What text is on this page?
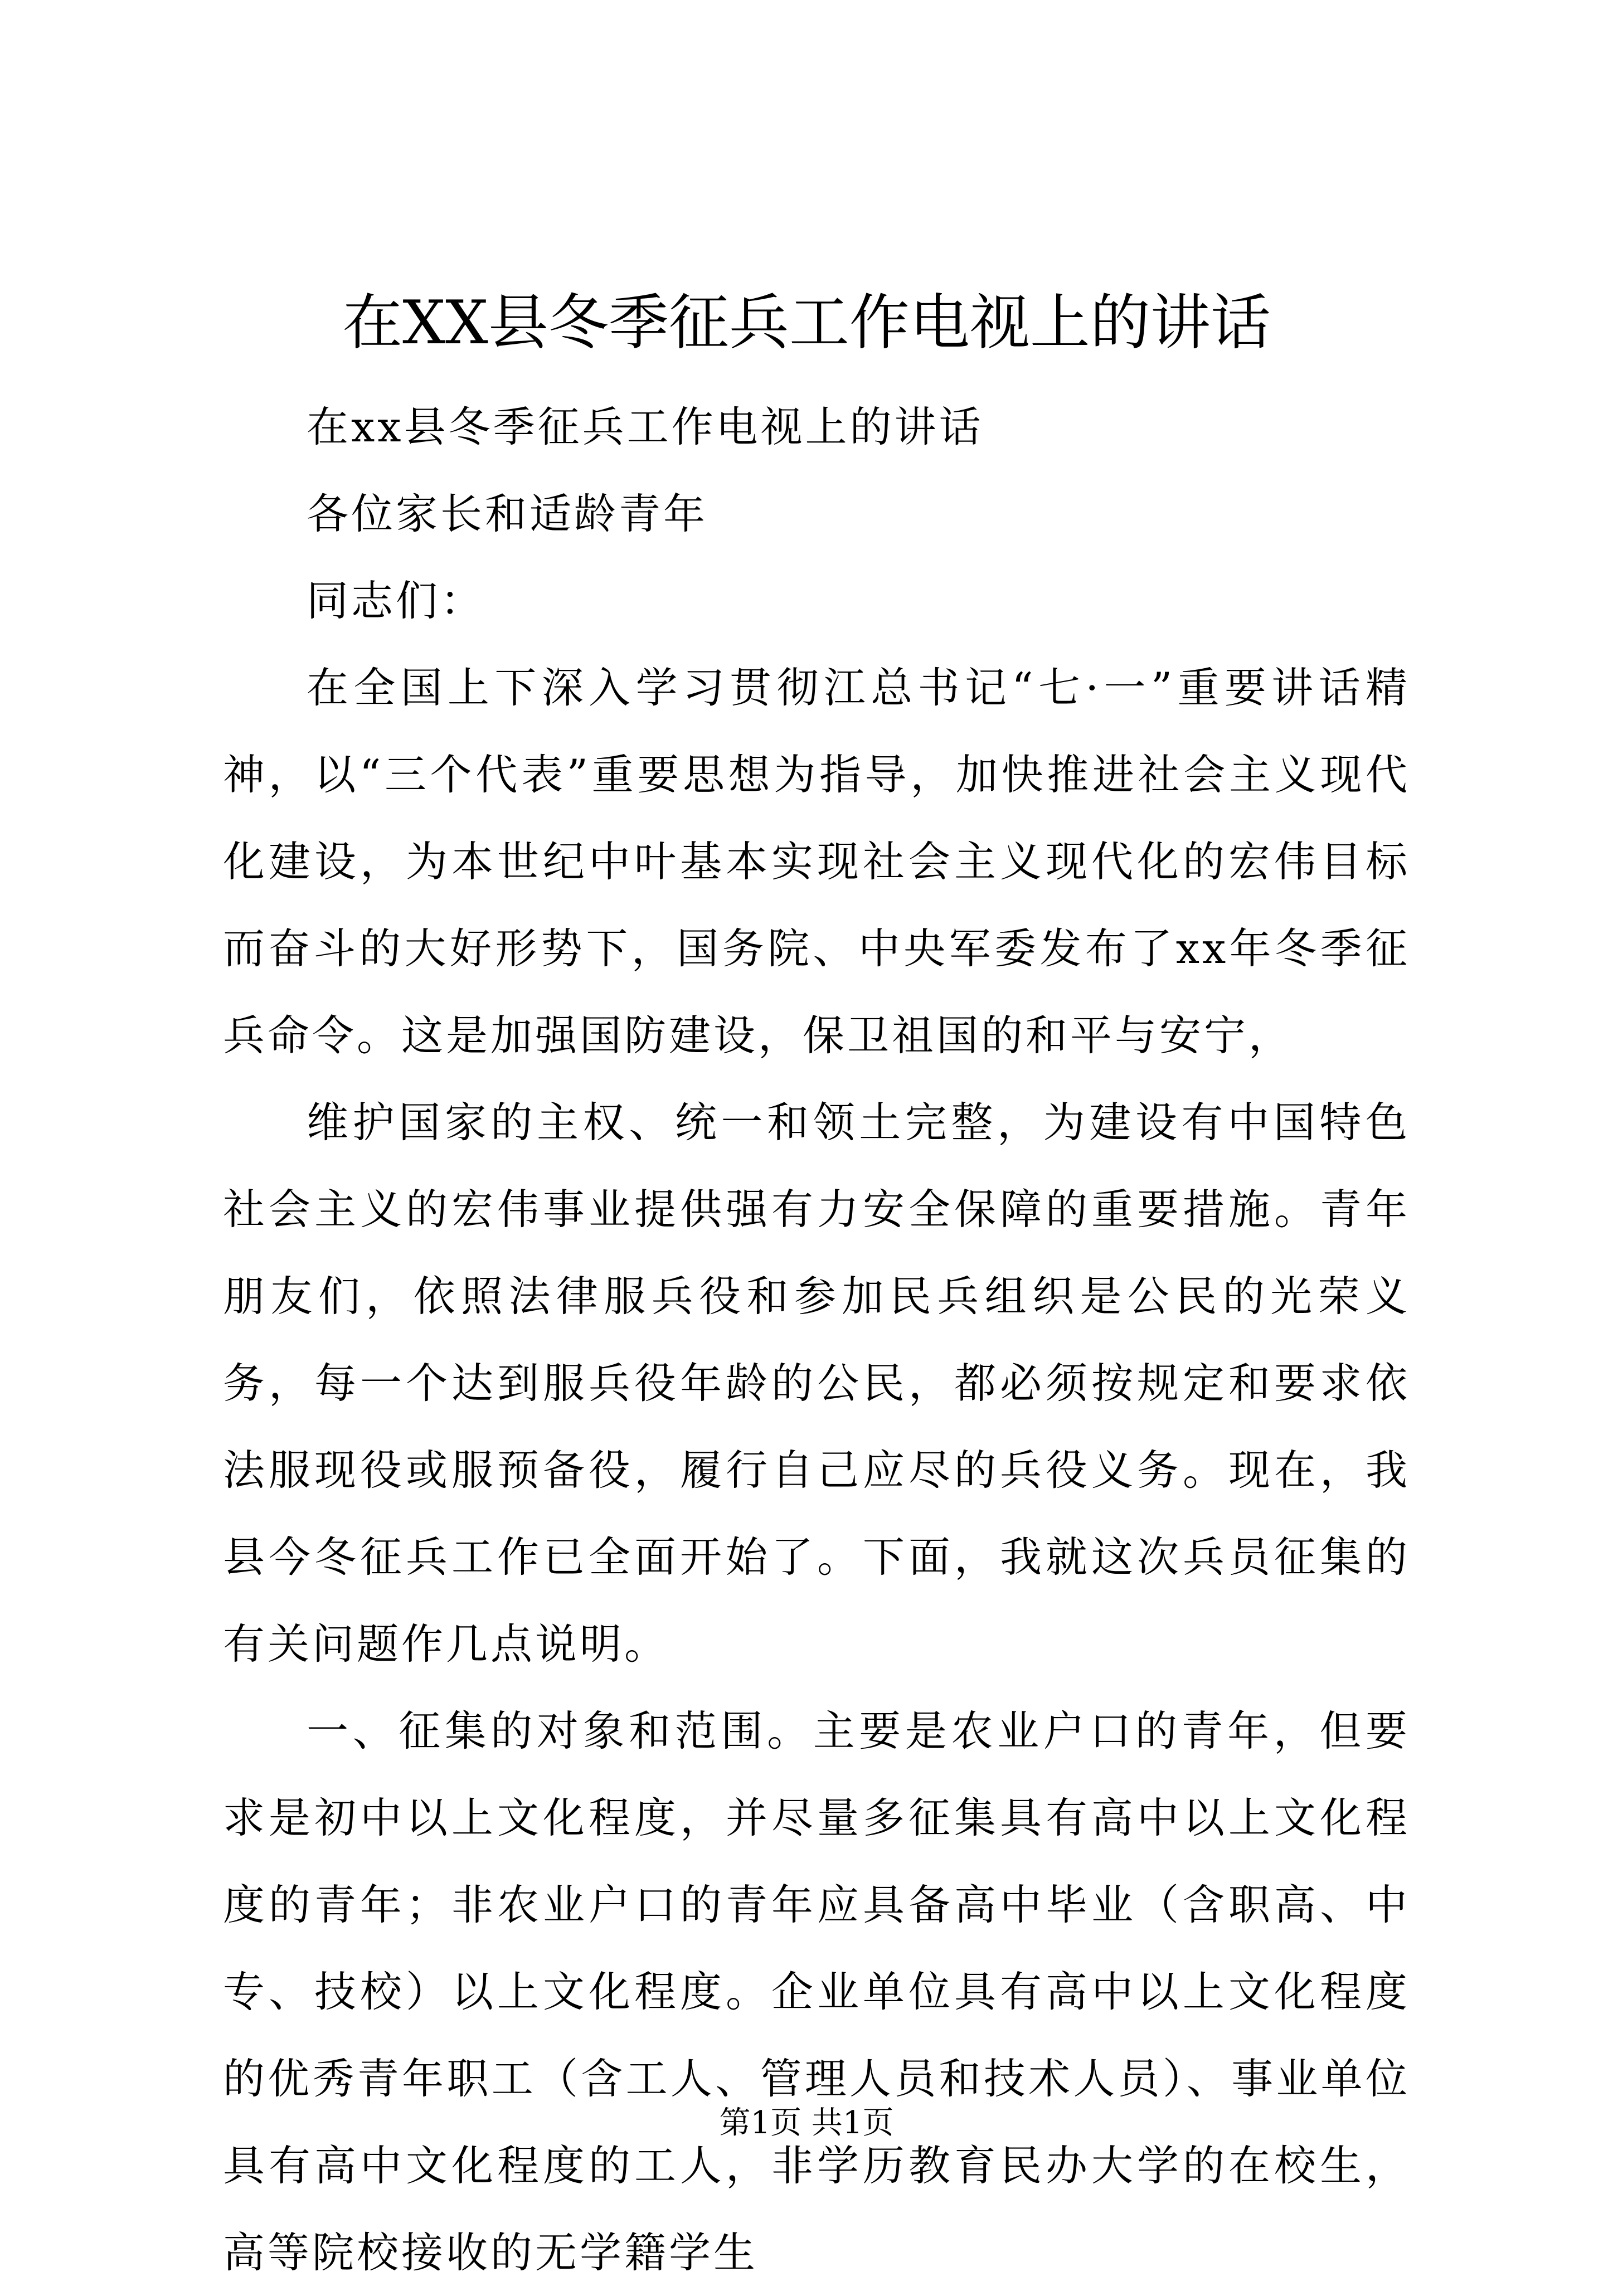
在XX县冬季征兵工作电视上的讲话

在xx县冬季征兵工作电视上的讲话

各位家长和适龄青年

同志们：

在全国上下深入学习贯彻江总书记“七·一”重要讲话精神，以“三个代表”重要思想为指导，加快推进社会主义现代化建设，为本世纪中叶基本实现社会主义现代化的宏伟目标而奋斗的大好形势下，国务院、中央军委发布了xx年冬季征兵命令。这是加强国防建设，保卫祖国的和平与安宁，

维护国家的主权、统一和领土完整，为建设有中国特色社会主义的宏伟事业提供强有力安全保障的重要措施。青年朋友们，依照法律服兵役和参加民兵组织是公民的光荣义务，每一个达到服兵役年龄的公民，都必须按规定和要求依法服现役或服预备役，履行自己应尽的兵役义务。现在，我县今冬征兵工作已全面开始了。下面，我就这次兵员征集的有关问题作几点说明。

一、征集的对象和范围。主要是农业户口的青年，但要求是初中以上文化程度，并尽量多征集具有高中以上文化程度的青年；非农业户口的青年应具备高中毕业（含职高、中专、技校）以上文化程度。企业单位具有高中以上文化程度的优秀青年职工（含工人、管理人员和技术人员）、事业单位具有高中文化程度的工人，非学历教育民办大学的在校生，高等院校接收的无学籍学生

第1页 共1页
